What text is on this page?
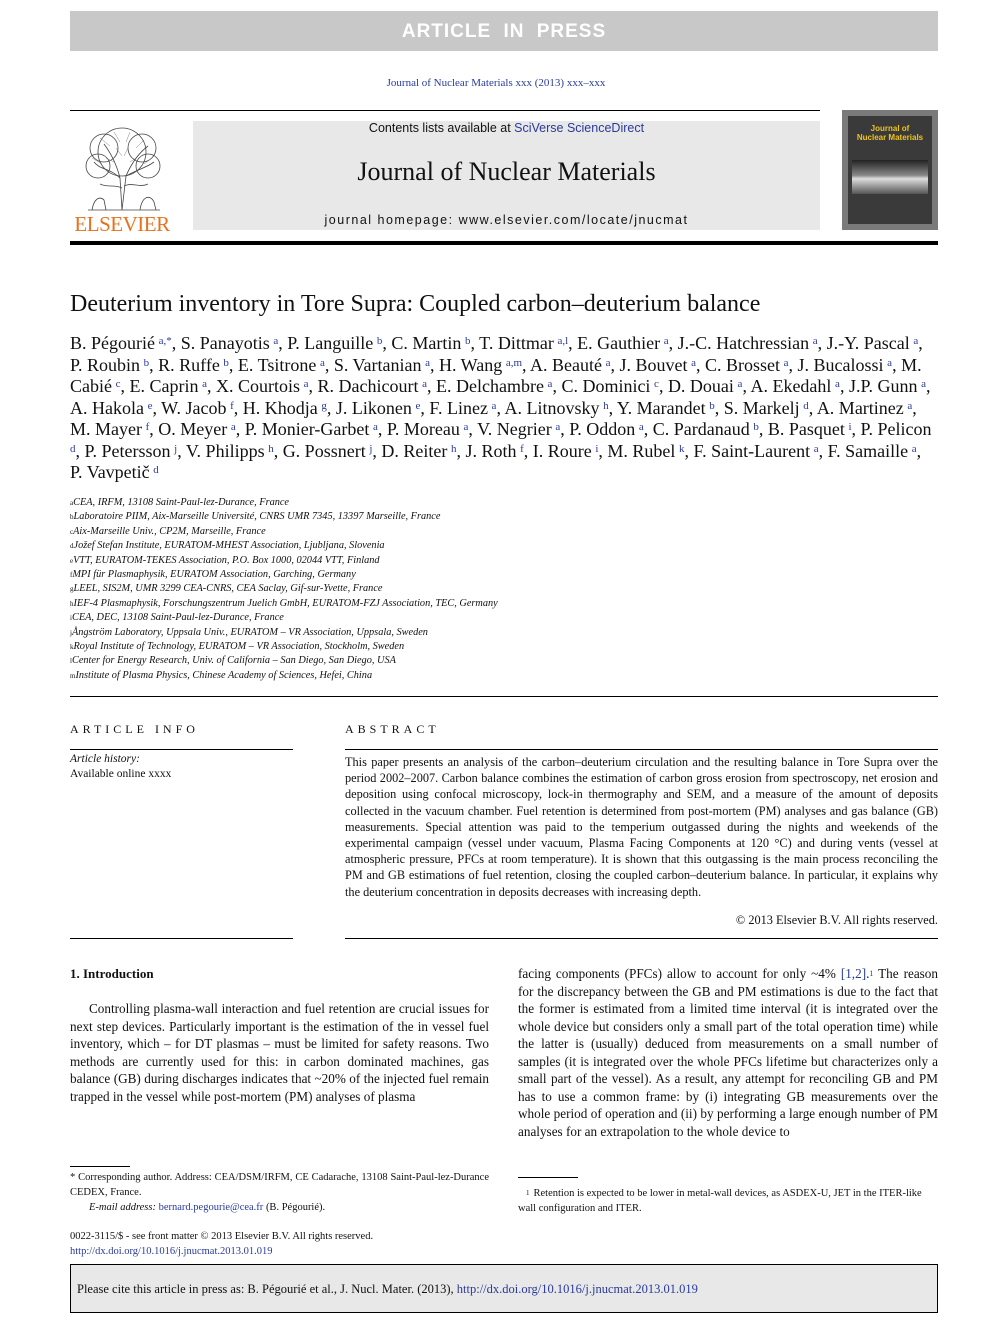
ARTICLE IN PRESS
Journal of Nuclear Materials xxx (2013) xxx–xxx
ELSEVIER
Contents lists available at SciVerse ScienceDirect
Journal of Nuclear Materials
journal homepage: www.elsevier.com/locate/jnucmat
Journal of
Nuclear Materials
Deuterium inventory in Tore Supra: Coupled carbon–deuterium balance
B. Pégourié  $^{a,*}$, S. Panayotis  $^a$, P. Languille  $^b$, C. Martin  $^b$, T. Dittmar  $^{a,l}$, E. Gauthier  $^a$, J.-C. Hatchressian  $^a$, J.-Y. Pascal  $^a$, P. Roubin  $^b$, R. Ruffe  $^b$, E. Tsitrone  $^a$, S. Vartanian  $^a$, H. Wang  $^{a,m}$, A. Beauté  $^a$, J. Bouvet  $^a$, C. Brosset  $^a$, J. Bucalossi  $^a$, M. Cabié  $^c$, E. Caprin  $^a$, X. Courtois  $^a$, R. Dachicourt  $^a$, E. Delchambre  $^a$, C. Dominici  $^c$, D. Douai  $^a$, A. Ekedahl  $^a$, J.P. Gunn  $^a$, A. Hakola  $^e$, W. Jacob  $^f$, H. Khodja  $^g$, J. Likonen  $^e$, F. Linez  $^a$, A. Litnovsky  $^h$, Y. Marandet  $^b$, S. Markelj  $^d$, A. Martinez  $^a$, M. Mayer  $^f$, O. Meyer  $^a$, P. Monier-Garbet  $^a$, P. Moreau  $^a$, V. Negrier  $^a$, P. Oddon  $^a$, C. Pardanaud  $^b$, B. Pasquet  $^i$, P. Pelicon $^d$, P. Petersson  $^j$, V. Philipps  $^h$, G. Possnert  $^j$, D. Reiter  $^h$, J. Roth  $^f$, I. Roure  $^i$, M. Rubel  $^k$, F. Saint-Laurent  $^a$, F. Samaille  $^a$, P. Vavpetič  $^d$
$^a$CEA, IRFM, 13108 Saint-Paul-lez-Durance, France
$^b$Laboratoire PIIM, Aix-Marseille Université, CNRS UMR 7345, 13397 Marseille, France
$^c$Aix-Marseille Univ., CP2M, Marseille, France
$^d$Jožef Stefan Institute, EURATOM-MHEST Association, Ljubljana, Slovenia
$^e$VTT, EURATOM-TEKES Association, P.O. Box 1000, 02044 VTT, Finland
$^f$MPI für Plasmaphysik, EURATOM Association, Garching, Germany
$^g$LEEL, SIS2M, UMR 3299 CEA-CNRS, CEA Saclay, Gif-sur-Yvette, France
$^h$IEF-4 Plasmaphysik, Forschungszentrum Juelich GmbH, EURATOM-FZJ Association, TEC, Germany
$^i$CEA, DEC, 13108 Saint-Paul-lez-Durance, France
$^j$Ångström Laboratory, Uppsala Univ., EURATOM – VR Association, Uppsala, Sweden
$^k$Royal Institute of Technology, EURATOM – VR Association, Stockholm, Sweden
$^l$Center for Energy Research, Univ. of California – San Diego, San Diego, USA
$^m$Institute of Plasma Physics, Chinese Academy of Sciences, Hefei, China
ARTICLE INFO
Article history:
Available online xxxx
ABSTRACT
This paper presents an analysis of the carbon–deuterium circulation and the resulting balance in Tore Supra over the period 2002–2007. Carbon balance combines the estimation of carbon gross erosion from spectroscopy, net erosion and deposition using confocal microscopy, lock-in thermography and SEM, and a measure of the amount of deposits collected in the vacuum chamber. Fuel retention is determined from post-mortem (PM) analyses and gas balance (GB) measurements. Special attention was paid to the temperium outgassed during the nights and weekends of the experimental campaign (vessel under vacuum, Plasma Facing Components at 120 °C) and during vents (vessel at atmospheric pressure, PFCs at room temperature). It is shown that this outgassing is the main process reconciling the PM and GB estimations of fuel retention, closing the coupled carbon–deuterium balance. In particular, it explains why the deuterium concentration in deposits decreases with increasing depth.
© 2013 Elsevier B.V. All rights reserved.
1. Introduction
Controlling plasma-wall interaction and fuel retention are crucial issues for next step devices. Particularly important is the estimation of the in vessel fuel inventory, which – for DT plasmas – must be limited for safety reasons. Two methods are currently used for this: in carbon dominated machines, gas balance (GB) during discharges indicates that ~20% of the injected fuel remain trapped in the vessel while post-mortem (PM) analyses of plasma
facing components (PFCs) allow to account for only ~4% [1,2].$^1$ The reason for the discrepancy between the GB and PM estimations is due to the fact that the former is estimated from a limited time interval (it is integrated over the whole device but considers only a small part of the total operation time) while the latter is (usually) deduced from measurements on a small number of samples (it is integrated over the whole PFCs lifetime but characterizes only a small part of the vessel). As a result, any attempt for reconciling GB and PM has to use a common frame: by (i) integrating GB measurements over the whole period of operation and (ii) by performing a large enough number of PM analyses for an extrapolation to the whole device to
* Corresponding author. Address: CEA/DSM/IRFM, CE Cadarache, 13108 Saint-Paul-lez-Durance CEDEX, France.
E-mail address: bernard.pegourie@cea.fr (B. Pégourié).
$^1$ Retention is expected to be lower in metal-wall devices, as ASDEX-U, JET in the ITER-like wall configuration and ITER.
0022-3115/$ - see front matter © 2013 Elsevier B.V. All rights reserved.
http://dx.doi.org/10.1016/j.jnucmat.2013.01.019
Please cite this article in press as: B. Pégourié et al., J. Nucl. Mater. (2013), http://dx.doi.org/10.1016/j.jnucmat.2013.01.019
